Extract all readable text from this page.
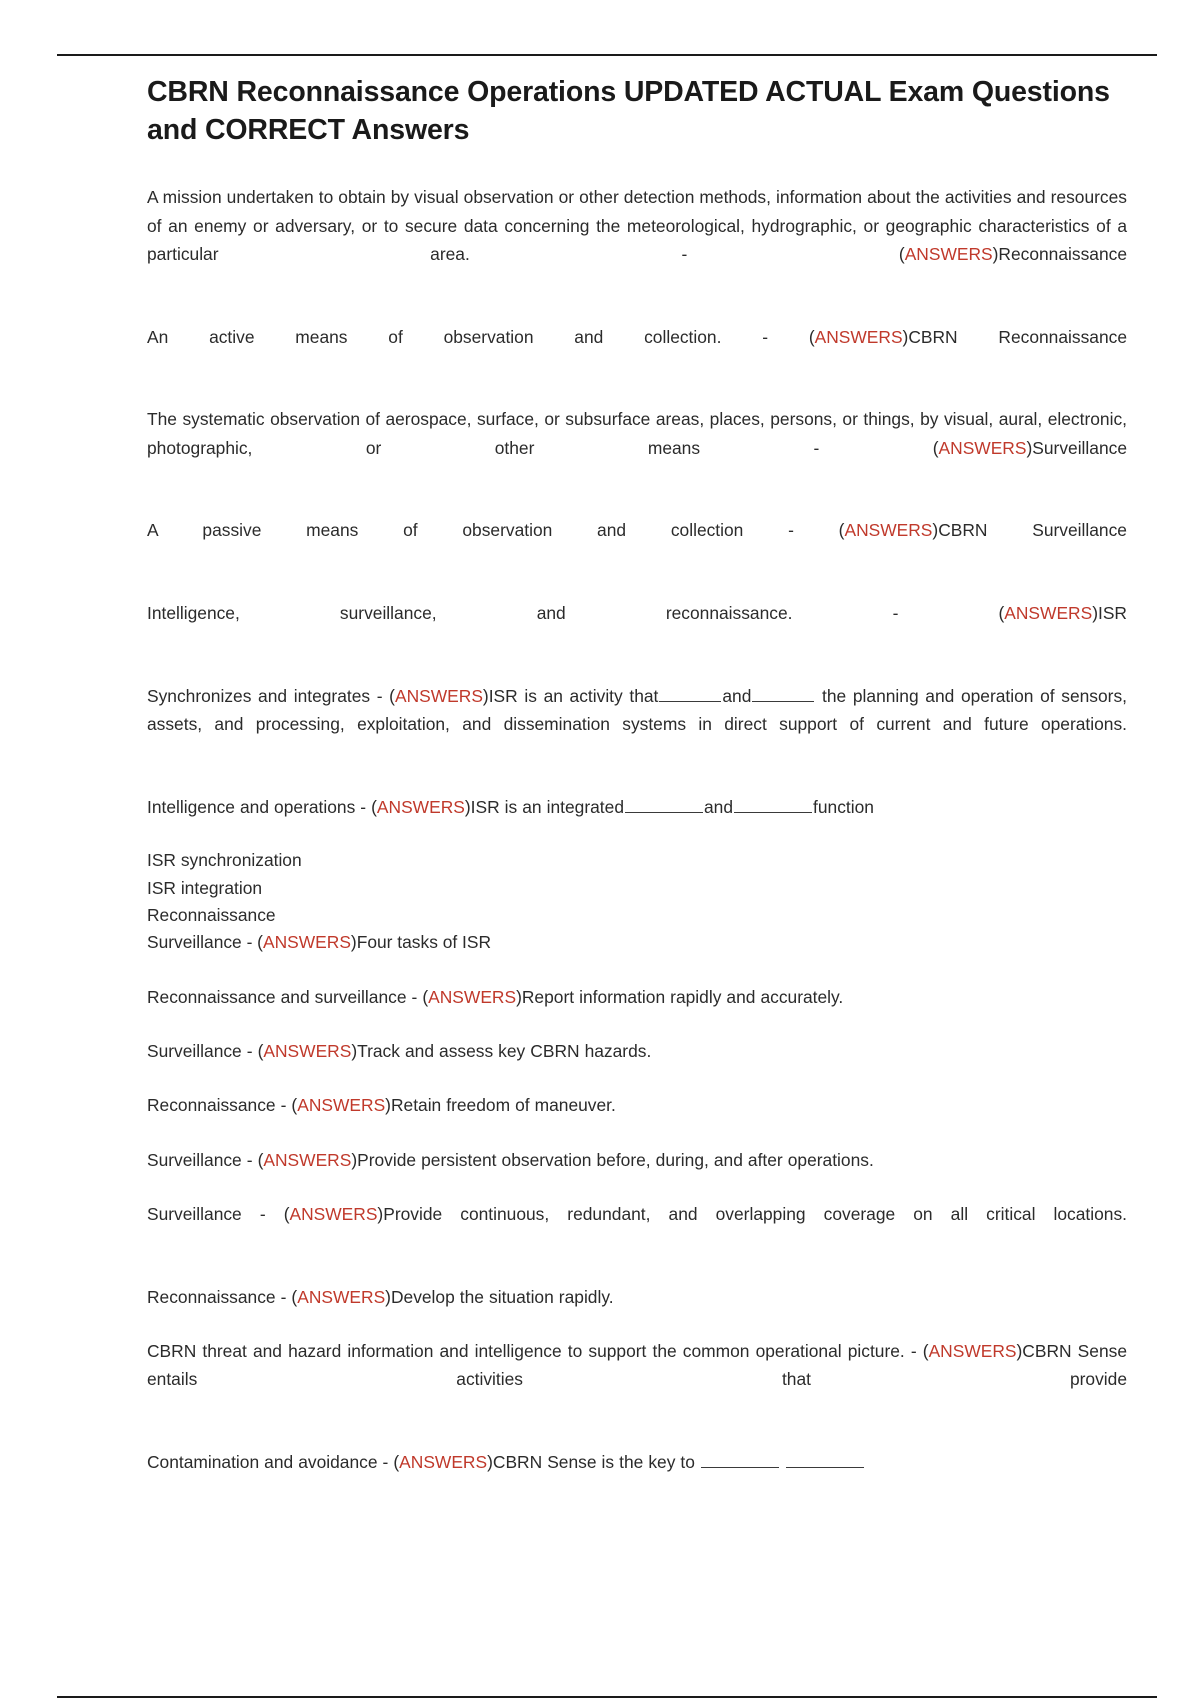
CBRN Reconnaissance Operations UPDATED ACTUAL Exam Questions and CORRECT Answers

A mission undertaken to obtain by visual observation or other detection methods, information about the activities and resources of an enemy or adversary, or to secure data concerning the meteorological, hydrographic, or geographic characteristics of a particular area. - (ANSWERS)Reconnaissance

An active means of observation and collection. - (ANSWERS)CBRN Reconnaissance

The systematic observation of aerospace, surface, or subsurface areas, places, persons, or things, by visual, aural, electronic, photographic, or other means - (ANSWERS)Surveillance

A passive means of observation and collection - (ANSWERS)CBRN Surveillance

Intelligence, surveillance, and reconnaissance. - (ANSWERS)ISR

Synchronizes and integrates - (ANSWERS)ISR is an activity that	and	the planning and operation of sensors, assets, and processing, exploitation, and dissemination systems in direct support of current and future operations.

Intelligence and operations - (ANSWERS)ISR is an integrated	and	function

ISR synchronization
ISR integration
Reconnaissance
Surveillance - (ANSWERS)Four tasks of ISR

Reconnaissance and surveillance - (ANSWERS)Report information rapidly and accurately.

Surveillance - (ANSWERS)Track and assess key CBRN hazards.

Reconnaissance - (ANSWERS)Retain freedom of maneuver.

Surveillance - (ANSWERS)Provide persistent observation before, during, and after operations.

Surveillance - (ANSWERS)Provide continuous, redundant, and overlapping coverage on all critical locations.

Reconnaissance - (ANSWERS)Develop the situation rapidly.

CBRN threat and hazard information and intelligence to support the common operational picture. - (ANSWERS)CBRN Sense entails activities that provide

Contamination and avoidance - (ANSWERS)CBRN Sense is the key to
